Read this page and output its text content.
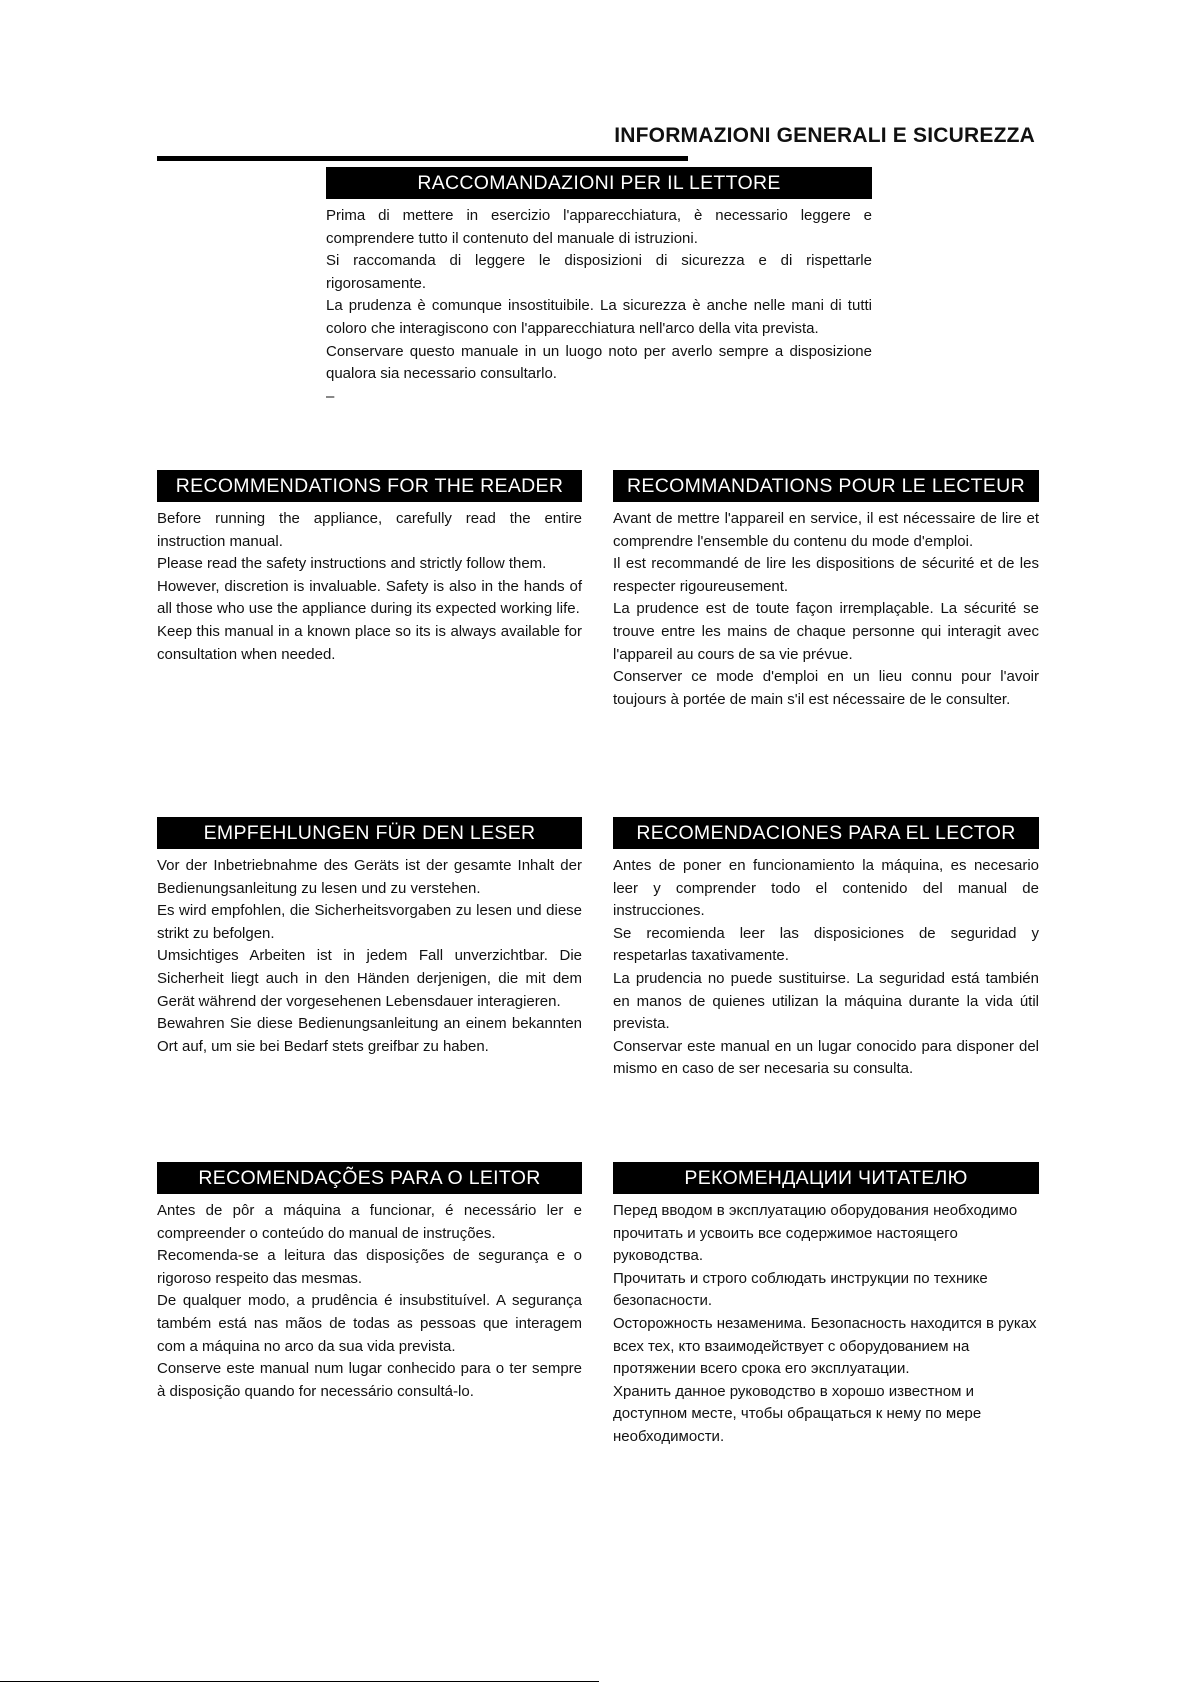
INFORMAZIONI GENERALI E SICUREZZA
RACCOMANDAZIONI PER IL LETTORE

Prima di mettere in esercizio l'apparecchiatura, è necessario leggere e comprendere tutto il contenuto del manuale di istruzioni.

Si raccomanda di leggere le disposizioni di sicurezza e di rispettarle rigorosamente.

La prudenza è comunque insostituibile. La sicurezza è anche nelle mani di tutti coloro che interagiscono con l'apparecchiatura nell'arco della vita prevista.

Conservare questo manuale in un luogo noto per averlo sempre a disposizione qualora sia necessario consultarlo.

–

RECOMMENDATIONS FOR THE READER

Before running the appliance, carefully read the entire instruction manual.

Please read the safety instructions and strictly follow them.

However, discretion is invaluable. Safety is also in the hands of all those who use the appliance during its expected working life.

Keep this manual in a known place so its is always available for consultation when needed.

RECOMMANDATIONS POUR LE LECTEUR

Avant de mettre l'appareil en service, il est nécessaire de lire et comprendre l'ensemble du contenu du mode d'emploi.

Il est recommandé de lire les dispositions de sécurité et de les respecter rigoureusement.

La prudence est de toute façon irremplaçable. La sécurité se trouve entre les mains de chaque personne qui interagit avec l'appareil au cours de sa vie prévue.

Conserver ce mode d'emploi en un lieu connu pour l'avoir toujours à portée de main s'il est nécessaire de le consulter.

EMPFEHLUNGEN FÜR DEN LESER

Vor der Inbetriebnahme des Geräts ist der gesamte Inhalt der Bedienungsanleitung zu lesen und zu verstehen.

Es wird empfohlen, die Sicherheitsvorgaben zu lesen und diese strikt zu befolgen.

Umsichtiges Arbeiten ist in jedem Fall unverzichtbar. Die Sicherheit liegt auch in den Händen derjenigen, die mit dem Gerät während der vorgesehenen Lebensdauer interagieren.

Bewahren Sie diese Bedienungsanleitung an einem bekannten Ort auf, um sie bei Bedarf stets greifbar zu haben.

RECOMENDACIONES PARA EL LECTOR

Antes de poner en funcionamiento la máquina, es necesario leer y comprender todo el contenido del manual de instrucciones.

Se recomienda leer las disposiciones de seguridad y respetarlas taxativamente.

La prudencia no puede sustituirse. La seguridad está también en manos de quienes utilizan la máquina durante la vida útil prevista.

Conservar este manual en un lugar conocido para disponer del mismo en caso de ser necesaria su consulta.

RECOMENDAÇÕES PARA O LEITOR

Antes de pôr a máquina a funcionar, é necessário ler e compreender o conteúdo do manual de instruções.

Recomenda-se a leitura das disposições de segurança e o rigoroso respeito das mesmas.

De qualquer modo, a prudência é insubstituível. A segurança também está nas mãos de todas as pessoas que interagem com a máquina no arco da sua vida prevista.

Conserve este manual num lugar conhecido para o ter sempre à disposição quando for necessário consultá-lo.

РЕКОМЕНДАЦИИ ЧИТАТЕЛЮ

Перед вводом в эксплуатацию оборудования необходимо прочитать и усвоить все содержимое настоящего руководства.

Прочитать и строго соблюдать инструкции по технике безопасности.

Осторожность незаменима. Безопасность находится в руках всех тех, кто взаимодействует с оборудованием на протяжении всего срока его эксплуатации.

Хранить данное руководство в хорошо известном и доступном месте, чтобы обращаться к нему по мере необходимости.
